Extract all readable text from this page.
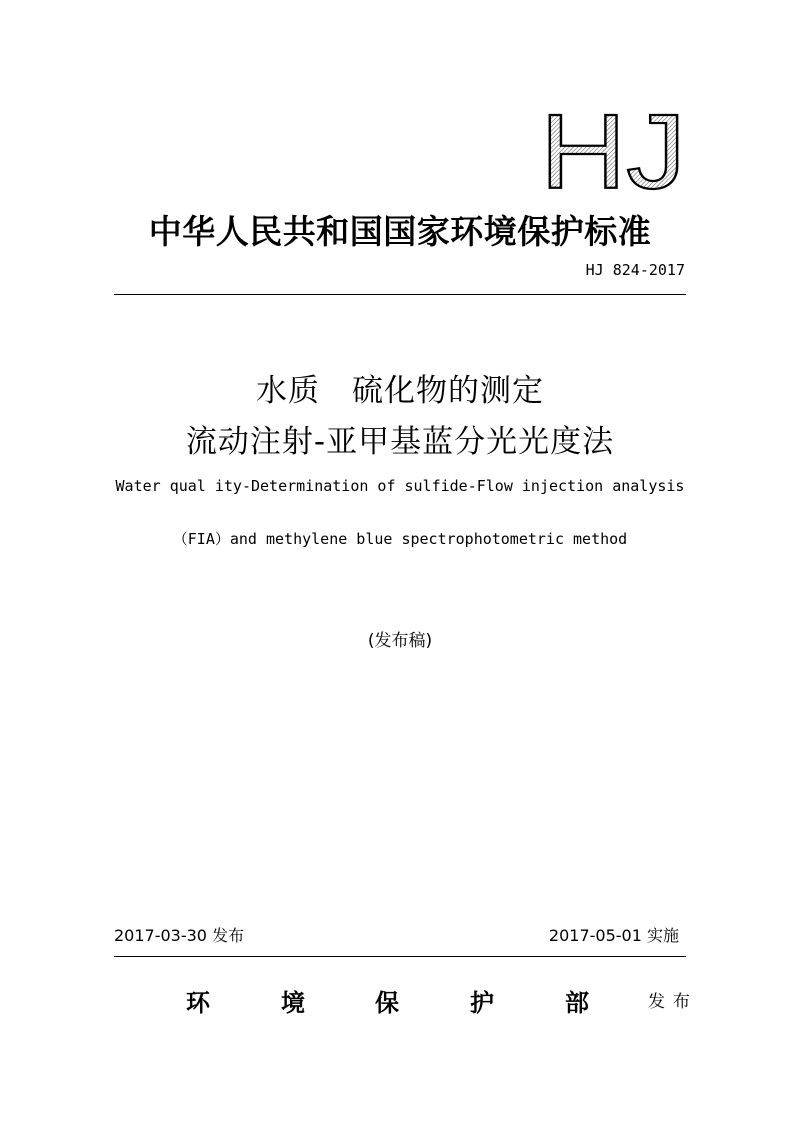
HJ
中华人民共和国国家环境保护标准
HJ 824-2017
水质　硫化物的测定
流动注射-亚甲基蓝分光光度法
Water qual ity-Determination of sulfide-Flow injection analysis
（FIA）and methylene blue spectrophotometric method
(发布稿)
2017-03-30 发布	2017-05-01 实施
环	境	保	护	部	发布
